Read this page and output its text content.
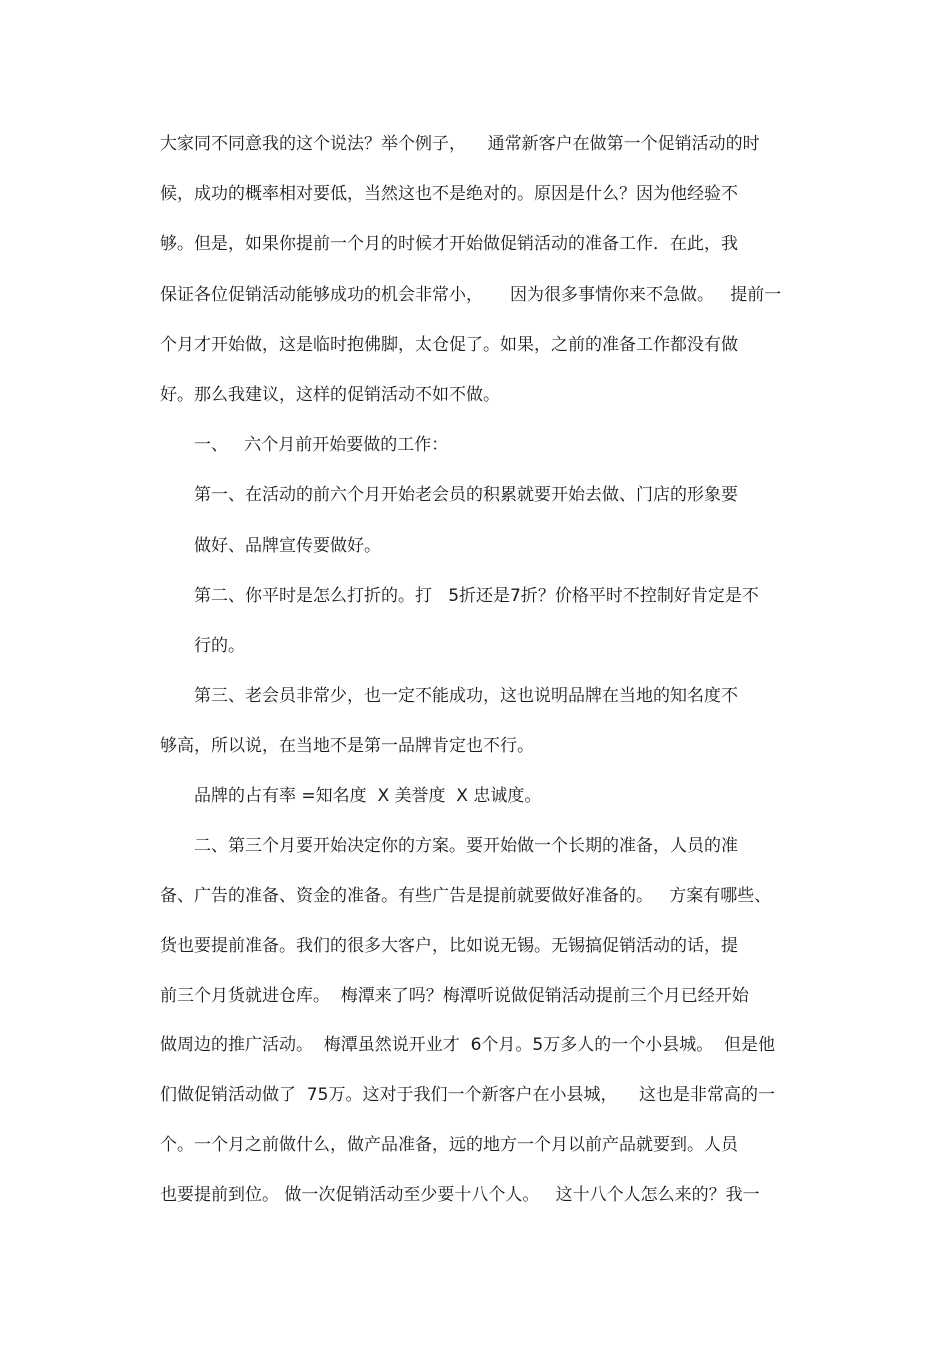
大家同不同意我的这个说法？举个例子，    通常新客户在做第一个促销活动的时
候，成功的概率相对要低，当然这也不是绝对的。原因是什么？因为他经验不
够。但是，如果你提前一个月的时候才开始做促销活动的准备工作．在此，我
保证各位促销活动能够成功的机会非常小，     因为很多事情你来不急做。   提前一
个月才开始做，这是临时抱佛脚，太仓促了。如果，之前的准备工作都没有做
好。那么我建议，这样的促销活动不如不做。
一、   六个月前开始要做的工作：
第一、在活动的前六个月开始老会员的积累就要开始去做、门店的形象要
做好、品牌宣传要做好。
第二、你平时是怎么打折的。打   5折还是7折？价格平时不控制好肯定是不
行的。
第三、老会员非常少，也一定不能成功，这也说明品牌在当地的知名度不
够高，所以说，在当地不是第一品牌肯定也不行。
品牌的占有率 =知名度  X 美誉度  X 忠诚度。
二、第三个月要开始决定你的方案。要开始做一个长期的准备，人员的准
备、广告的准备、资金的准备。有些广告是提前就要做好准备的。   方案有哪些、
货也要提前准备。我们的很多大客户，比如说无锡。无锡搞促销活动的话，提
前三个月货就进仓库。  梅潭来了吗？梅潭听说做促销活动提前三个月已经开始
做周边的推广活动。  梅潭虽然说开业才  6个月。5万多人的一个小县城。  但是他
们做促销活动做了  75万。这对于我们一个新客户在小县城，    这也是非常高的一
个。一个月之前做什么，做产品准备，远的地方一个月以前产品就要到。人员
也要提前到位。 做一次促销活动至少要十八个人。   这十八个人怎么来的？我一
